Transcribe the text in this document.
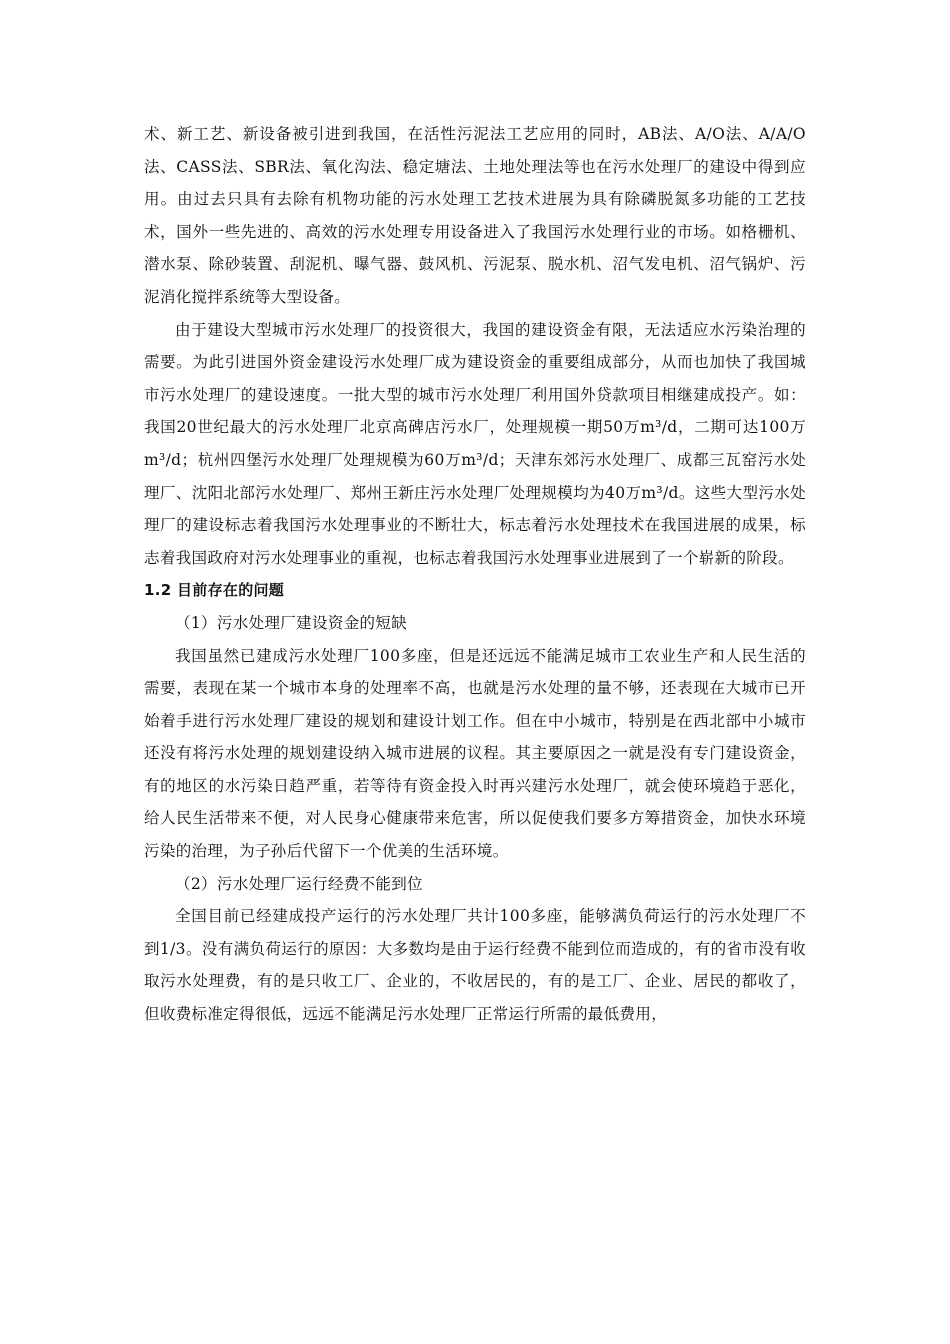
术、新工艺、新设备被引进到我国，在活性污泥法工艺应用的同时，AB法、A/O法、A/A/O法、CASS法、SBR法、氧化沟法、稳定塘法、土地处理法等也在污水处理厂的建设中得到应用。由过去只具有去除有机物功能的污水处理工艺技术进展为具有除磷脱氮多功能的工艺技术，国外一些先进的、高效的污水处理专用设备进入了我国污水处理行业的市场。如格栅机、潜水泵、除砂装置、刮泥机、曝气器、鼓风机、污泥泵、脱水机、沼气发电机、沼气锅炉、污泥消化搅拌系统等大型设备。

由于建设大型城市污水处理厂的投资很大，我国的建设资金有限，无法适应水污染治理的需要。为此引进国外资金建设污水处理厂成为建设资金的重要组成部分，从而也加快了我国城市污水处理厂的建设速度。一批大型的城市污水处理厂利用国外贷款项目相继建成投产。如：我国20世纪最大的污水处理厂北京高碑店污水厂，处理规模一期50万m³/d，二期可达100万m³/d；杭州四堡污水处理厂处理规模为60万m³/d；天津东郊污水处理厂、成都三瓦窑污水处理厂、沈阳北部污水处理厂、郑州王新庄污水处理厂处理规模均为40万m³/d。这些大型污水处理厂的建设标志着我国污水处理事业的不断壮大，标志着污水处理技术在我国进展的成果，标志着我国政府对污水处理事业的重视，也标志着我国污水处理事业进展到了一个崭新的阶段。

1.2 目前存在的问题

（1）污水处理厂建设资金的短缺

我国虽然已建成污水处理厂100多座，但是还远远不能满足城市工农业生产和人民生活的需要，表现在某一个城市本身的处理率不高，也就是污水处理的量不够，还表现在大城市已开始着手进行污水处理厂建设的规划和建设计划工作。但在中小城市，特别是在西北部中小城市还没有将污水处理的规划建设纳入城市进展的议程。其主要原因之一就是没有专门建设资金，有的地区的水污染日趋严重，若等待有资金投入时再兴建污水处理厂，就会使环境趋于恶化，给人民生活带来不便，对人民身心健康带来危害，所以促使我们要多方筹措资金，加快水环境污染的治理，为子孙后代留下一个优美的生活环境。

（2）污水处理厂运行经费不能到位

全国目前已经建成投产运行的污水处理厂共计100多座，能够满负荷运行的污水处理厂不到1/3。没有满负荷运行的原因：大多数均是由于运行经费不能到位而造成的，有的省市没有收取污水处理费，有的是只收工厂、企业的，不收居民的，有的是工厂、企业、居民的都收了，但收费标准定得很低，远远不能满足污水处理厂正常运行所需的最低费用，
